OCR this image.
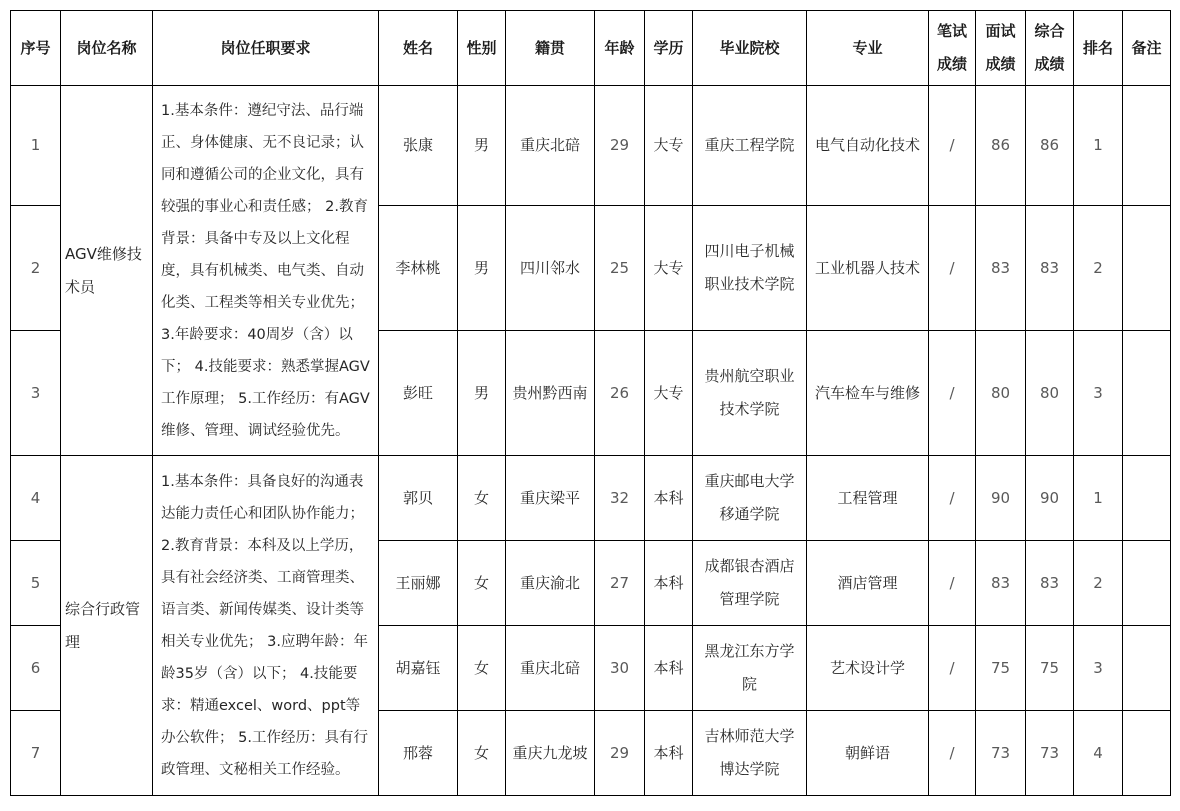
序号	岗位名称	岗位任职要求	姓名	性别	籍贯	年龄	学历	毕业院校	专业	笔试成绩	面试成绩	综合成绩	排名	备注
1	AGV维修技术员	1.基本条件：遵纪守法、品行端正、身体健康、无不良记录；认同和遵循公司的企业文化，具有较强的事业心和责任感； 2.教育背景：具备中专及以上文化程度，具有机械类、电气类、自动化类、工程类等相关专业优先；3.年龄要求：40周岁（含）以下； 4.技能要求：熟悉掌握AGV工作原理； 5.工作经历：有AGV维修、管理、调试经验优先。	张康	男	重庆北碚	29	大专	重庆工程学院	电气自动化技术	/	86	86	1	
2			李林桃	男	四川邻水	25	大专	四川电子机械职业技术学院	工业机器人技术	/	83	83	2	
3			彭旺	男	贵州黔西南	26	大专	贵州航空职业技术学院	汽车检车与维修	/	80	80	3	
4	综合行政管理	1.基本条件：具备良好的沟通表达能力责任心和团队协作能力；2.教育背景：本科及以上学历，具有社会经济类、工商管理类、语言类、新闻传媒类、设计类等相关专业优先； 3.应聘年龄：年龄35岁（含）以下； 4.技能要求：精通excel、word、ppt等办公软件； 5.工作经历：具有行政管理、文秘相关工作经验。	郭贝	女	重庆梁平	32	本科	重庆邮电大学移通学院	工程管理	/	90	90	1	
5			王丽娜	女	重庆渝北	27	本科	成都银杏酒店管理学院	酒店管理	/	83	83	2	
6			胡嘉钰	女	重庆北碚	30	本科	黑龙江东方学院	艺术设计学	/	75	75	3	
7			邢蓉	女	重庆九龙坡	29	本科	吉林师范大学博达学院	朝鲜语	/	73	73	4	
